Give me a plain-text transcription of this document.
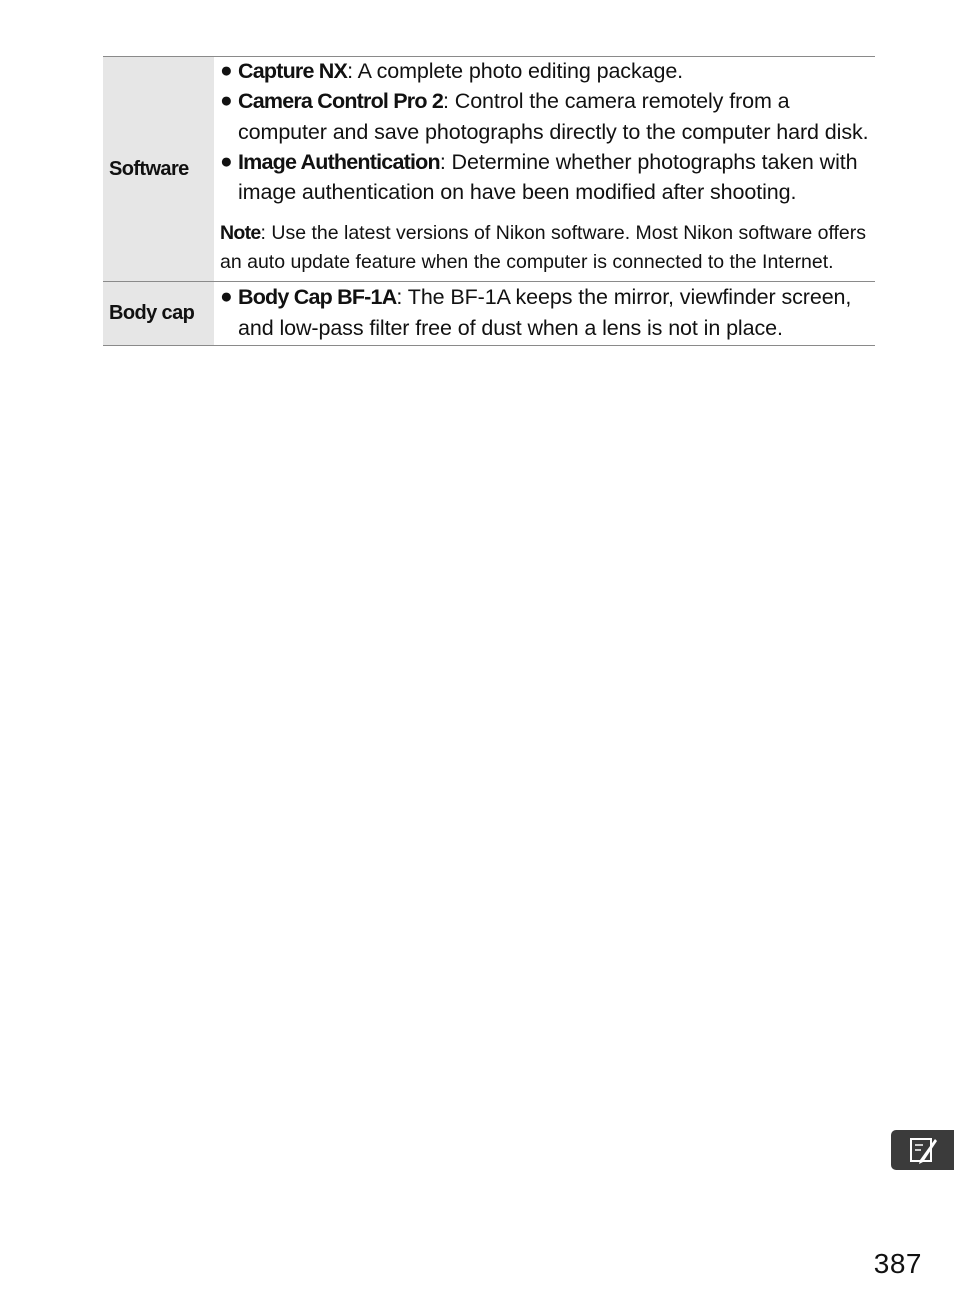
Software
● Capture NX: A complete photo editing package.
● Camera Control Pro 2: Control the camera remotely from a computer and save photographs directly to the computer hard disk.
● Image Authentication: Determine whether photographs taken with image authentication on have been modified after shooting.

Note: Use the latest versions of Nikon software. Most Nikon software offers an auto update feature when the computer is connected to the Internet.

Body cap
● Body Cap BF-1A: The BF-1A keeps the mirror, viewfinder screen, and low-pass filter free of dust when a lens is not in place.
387
